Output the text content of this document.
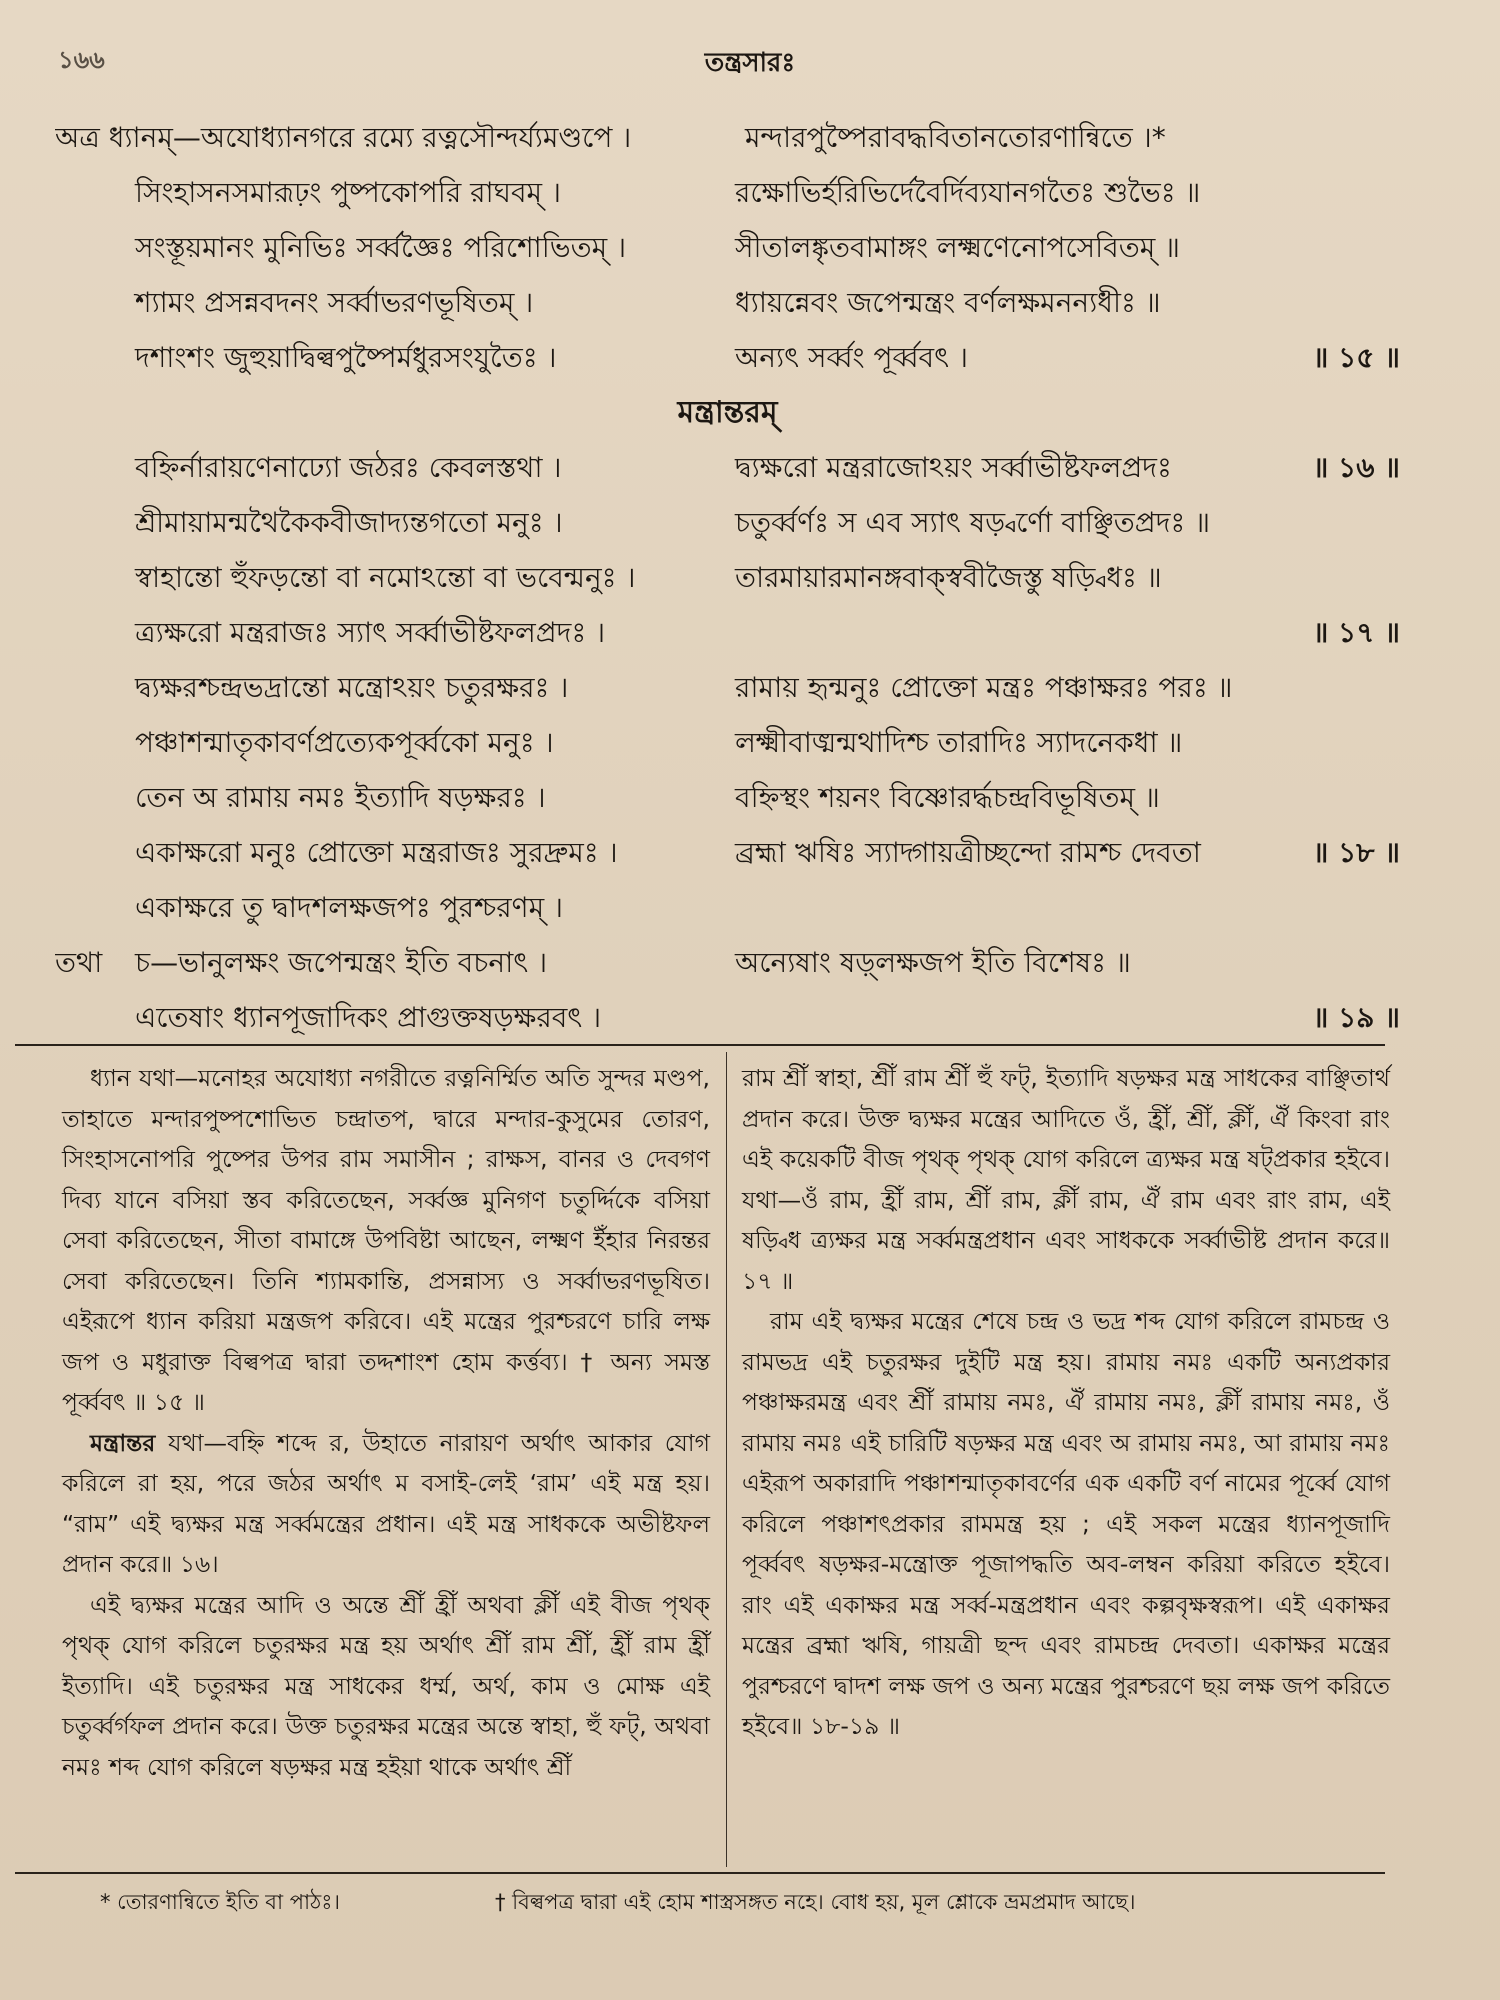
১৬৬	তন্ত্রসারঃ
অত্র ধ্যানম্—অযোধ্যানগরে রম্যে রত্নসৌন্দর্য্যমণ্ডপে ।	মন্দারপুষ্পৈরাবদ্ধবিতানতোরণান্বিতে ।*
সিংহাসনসমারূঢ়ং পুষ্পকোপরি রাঘবম্ ।	রক্ষোভির্হরিভির্দেবৈর্দিব্যযানগতৈঃ শুভৈঃ ॥
সংস্তূয়মানং মুনিভিঃ সর্ব্বজ্ঞৈঃ পরিশোভিতম্ ।	সীতালঙ্কৃতবামাঙ্গং লক্ষ্মণেনোপসেবিতম্ ॥
শ্যামং প্রসন্নবদনং সর্ব্বাভরণভূষিতম্ ।	ধ্যায়ন্নেবং জপেন্মন্ত্রং বর্ণলক্ষমনন্যধীঃ ॥
দশাংশং জুহুয়াদ্বিল্বপুষ্পৈর্মধুরসংযুতৈঃ ।	অন্যৎ সর্ব্বং পূর্ব্ববৎ ।	॥ ১৫ ॥
মন্ত্রান্তরম্
বহ্নির্নারায়ণেনাঢ্যো জঠরঃ কেবলস্তথা ।	দ্ব্যক্ষরো মন্ত্ররাজোঽয়ং সর্ব্বাভীষ্টফলপ্রদঃ	॥ ১৬ ॥
শ্রীমায়ামন্মথৈকৈকবীজাদ্যন্তগতো মনুঃ ।	চতুর্ব্বর্ণঃ স এব স্যাৎ ষড়্বর্ণো বাঞ্ছিতপ্রদঃ ॥
স্বাহান্তো হুঁফড়ন্তো বা নমোঽন্তো বা ভবেন্মনুঃ ।	তারমায়ারমানঙ্গবাক্স্ববীজৈস্তু ষড়্বিধঃ ॥
ত্র্যক্ষরো মন্ত্ররাজঃ স্যাৎ সর্ব্বাভীষ্টফলপ্রদঃ ।	॥ ১৭ ॥
দ্ব্যক্ষরশ্চন্দ্রভদ্রান্তো মন্ত্রোঽয়ং চতুরক্ষরঃ ।	রামায় হৃন্মনুঃ প্রোক্তো মন্ত্রঃ পঞ্চাক্ষরঃ পরঃ ॥
পঞ্চাশন্মাতৃকাবর্ণপ্রত্যেকপূর্ব্বকো মনুঃ ।	লক্ষ্মীবাঙ্মন্মথাদিশ্চ তারাদিঃ স্যাদনেকধা ॥
তেন অ রামায় নমঃ ইত্যাদি ষড়ক্ষরঃ ।	বহ্নিস্থং শয়নং বিষ্ণোরর্দ্ধচন্দ্রবিভূষিতম্ ॥
একাক্ষরো মনুঃ প্রোক্তো মন্ত্ররাজঃ সুরদ্রুমঃ ।	ব্রহ্মা ঋষিঃ স্যাদ্গায়ত্রীচ্ছন্দো রামশ্চ দেবতা	॥ ১৮ ॥
একাক্ষরে তু দ্বাদশলক্ষজপঃ পুরশ্চরণম্ ।
তথা	চ—ভানুলক্ষং জপেন্মন্ত্রং ইতি বচনাৎ ।	অন্যেষাং ষড়্লক্ষজপ ইতি বিশেষঃ ॥
এতেষাং ধ্যানপূজাদিকং প্রাগুক্তষড়ক্ষরবৎ ।	॥ ১৯ ॥

ধ্যান যথা—মনোহর অযোধ্যা নগরীতে রত্ননির্ম্মিত অতি সুন্দর মণ্ডপ, তাহাতে মন্দারপুষ্পশোভিত চন্দ্রাতপ, দ্বারে মন্দার-কুসুমের তোরণ, সিংহাসনোপরি পুষ্পের উপর রাম সমাসীন ; রাক্ষস, বানর ও দেবগণ দিব্য যানে বসিয়া স্তব করিতেছেন, সর্ব্বজ্ঞ মুনিগণ চতুর্দ্দিকে বসিয়া সেবা করিতেছেন, সীতা বামাঙ্গে উপবিষ্টা আছেন, লক্ষ্মণ ইঁহার নিরন্তর সেবা করিতেছেন। তিনি শ্যামকান্তি, প্রসন্নাস্য ও সর্ব্বাভরণভূষিত। এইরূপে ধ্যান করিয়া মন্ত্রজপ করিবে। এই মন্ত্রের পুরশ্চরণে চারি লক্ষ জপ ও মধুরাক্ত বিল্বপত্র দ্বারা তদ্দশাংশ হোম কর্ত্তব্য। † অন্য সমস্ত পূর্ব্ববৎ ॥ ১৫ ॥

মন্ত্রান্তর যথা—বহ্নি শব্দে র, উহাতে নারায়ণ অর্থাৎ আকার যোগ করিলে রা হয়, পরে জঠর অর্থাৎ ম বসাই-লেই ‘রাম’ এই মন্ত্র হয়। “রাম” এই দ্ব্যক্ষর মন্ত্র সর্ব্বমন্ত্রের প্রধান। এই মন্ত্র সাধককে অভীষ্টফল প্রদান করে॥ ১৬।

এই দ্ব্যক্ষর মন্ত্রের আদি ও অন্তে শ্রীঁ হ্রীঁ অথবা ক্লীঁ এই বীজ পৃথক্ পৃথক্ যোগ করিলে চতুরক্ষর মন্ত্র হয় অর্থাৎ শ্রীঁ রাম শ্রীঁ, হ্রীঁ রাম হ্রীঁ ইত্যাদি। এই চতুরক্ষর মন্ত্র সাধকের ধর্ম্ম, অর্থ, কাম ও মোক্ষ এই চতুর্ব্বর্গফল প্রদান করে। উক্ত চতুরক্ষর মন্ত্রের অন্তে স্বাহা, হুঁ ফট্, অথবা নমঃ শব্দ যোগ করিলে ষড়ক্ষর মন্ত্র হইয়া থাকে অর্থাৎ শ্রীঁ

রাম শ্রীঁ স্বাহা, শ্রীঁ রাম শ্রীঁ হুঁ ফট্, ইত্যাদি ষড়ক্ষর মন্ত্র সাধকের বাঞ্ছিতার্থ প্রদান করে। উক্ত দ্ব্যক্ষর মন্ত্রের আদিতে ওঁ, হ্রীঁ, শ্রীঁ, ক্লীঁ, ঐঁ কিংবা রাং এই কয়েকটি বীজ পৃথক্ পৃথক্ যোগ করিলে ত্র্যক্ষর মন্ত্র ষট্প্রকার হইবে। যথা—ওঁ রাম, হ্রীঁ রাম, শ্রীঁ রাম, ক্লীঁ রাম, ঐঁ রাম এবং রাং রাম, এই ষড়্বিধ ত্র্যক্ষর মন্ত্র সর্ব্বমন্ত্রপ্রধান এবং সাধককে সর্ব্বাভীষ্ট প্রদান করে॥ ১৭ ॥

রাম এই দ্ব্যক্ষর মন্ত্রের শেষে চন্দ্র ও ভদ্র শব্দ যোগ করিলে রামচন্দ্র ও রামভদ্র এই চতুরক্ষর দুইটি মন্ত্র হয়। রামায় নমঃ একটি অন্যপ্রকার পঞ্চাক্ষরমন্ত্র এবং শ্রীঁ রামায় নমঃ, ঐঁ রামায় নমঃ, ক্লীঁ রামায় নমঃ, ওঁ রামায় নমঃ এই চারিটি ষড়ক্ষর মন্ত্র এবং অ রামায় নমঃ, আ রামায় নমঃ এইরূপ অকারাদি পঞ্চাশন্মাতৃকাবর্ণের এক একটি বর্ণ নামের পূর্ব্বে যোগ করিলে পঞ্চাশৎপ্রকার রামমন্ত্র হয় ; এই সকল মন্ত্রের ধ্যানপূজাদি পূর্ব্ববৎ ষড়ক্ষর-মন্ত্রোক্ত পূজাপদ্ধতি অব-লম্বন করিয়া করিতে হইবে। রাং এই একাক্ষর মন্ত্র সর্ব্ব-মন্ত্রপ্রধান এবং কল্পবৃক্ষস্বরূপ। এই একাক্ষর মন্ত্রের ব্রহ্মা ঋষি, গায়ত্রী ছন্দ এবং রামচন্দ্র দেবতা। একাক্ষর মন্ত্রের পুরশ্চরণে দ্বাদশ লক্ষ জপ ও অন্য মন্ত্রের পুরশ্চরণে ছয় লক্ষ জপ করিতে হইবে॥ ১৮-১৯ ॥

* তোরণান্বিতে ইতি বা পাঠঃ।	† বিল্বপত্র দ্বারা এই হোম শাস্ত্রসঙ্গত নহে। বোধ হয়, মূল শ্লোকে ভ্রমপ্রমাদ আছে।
